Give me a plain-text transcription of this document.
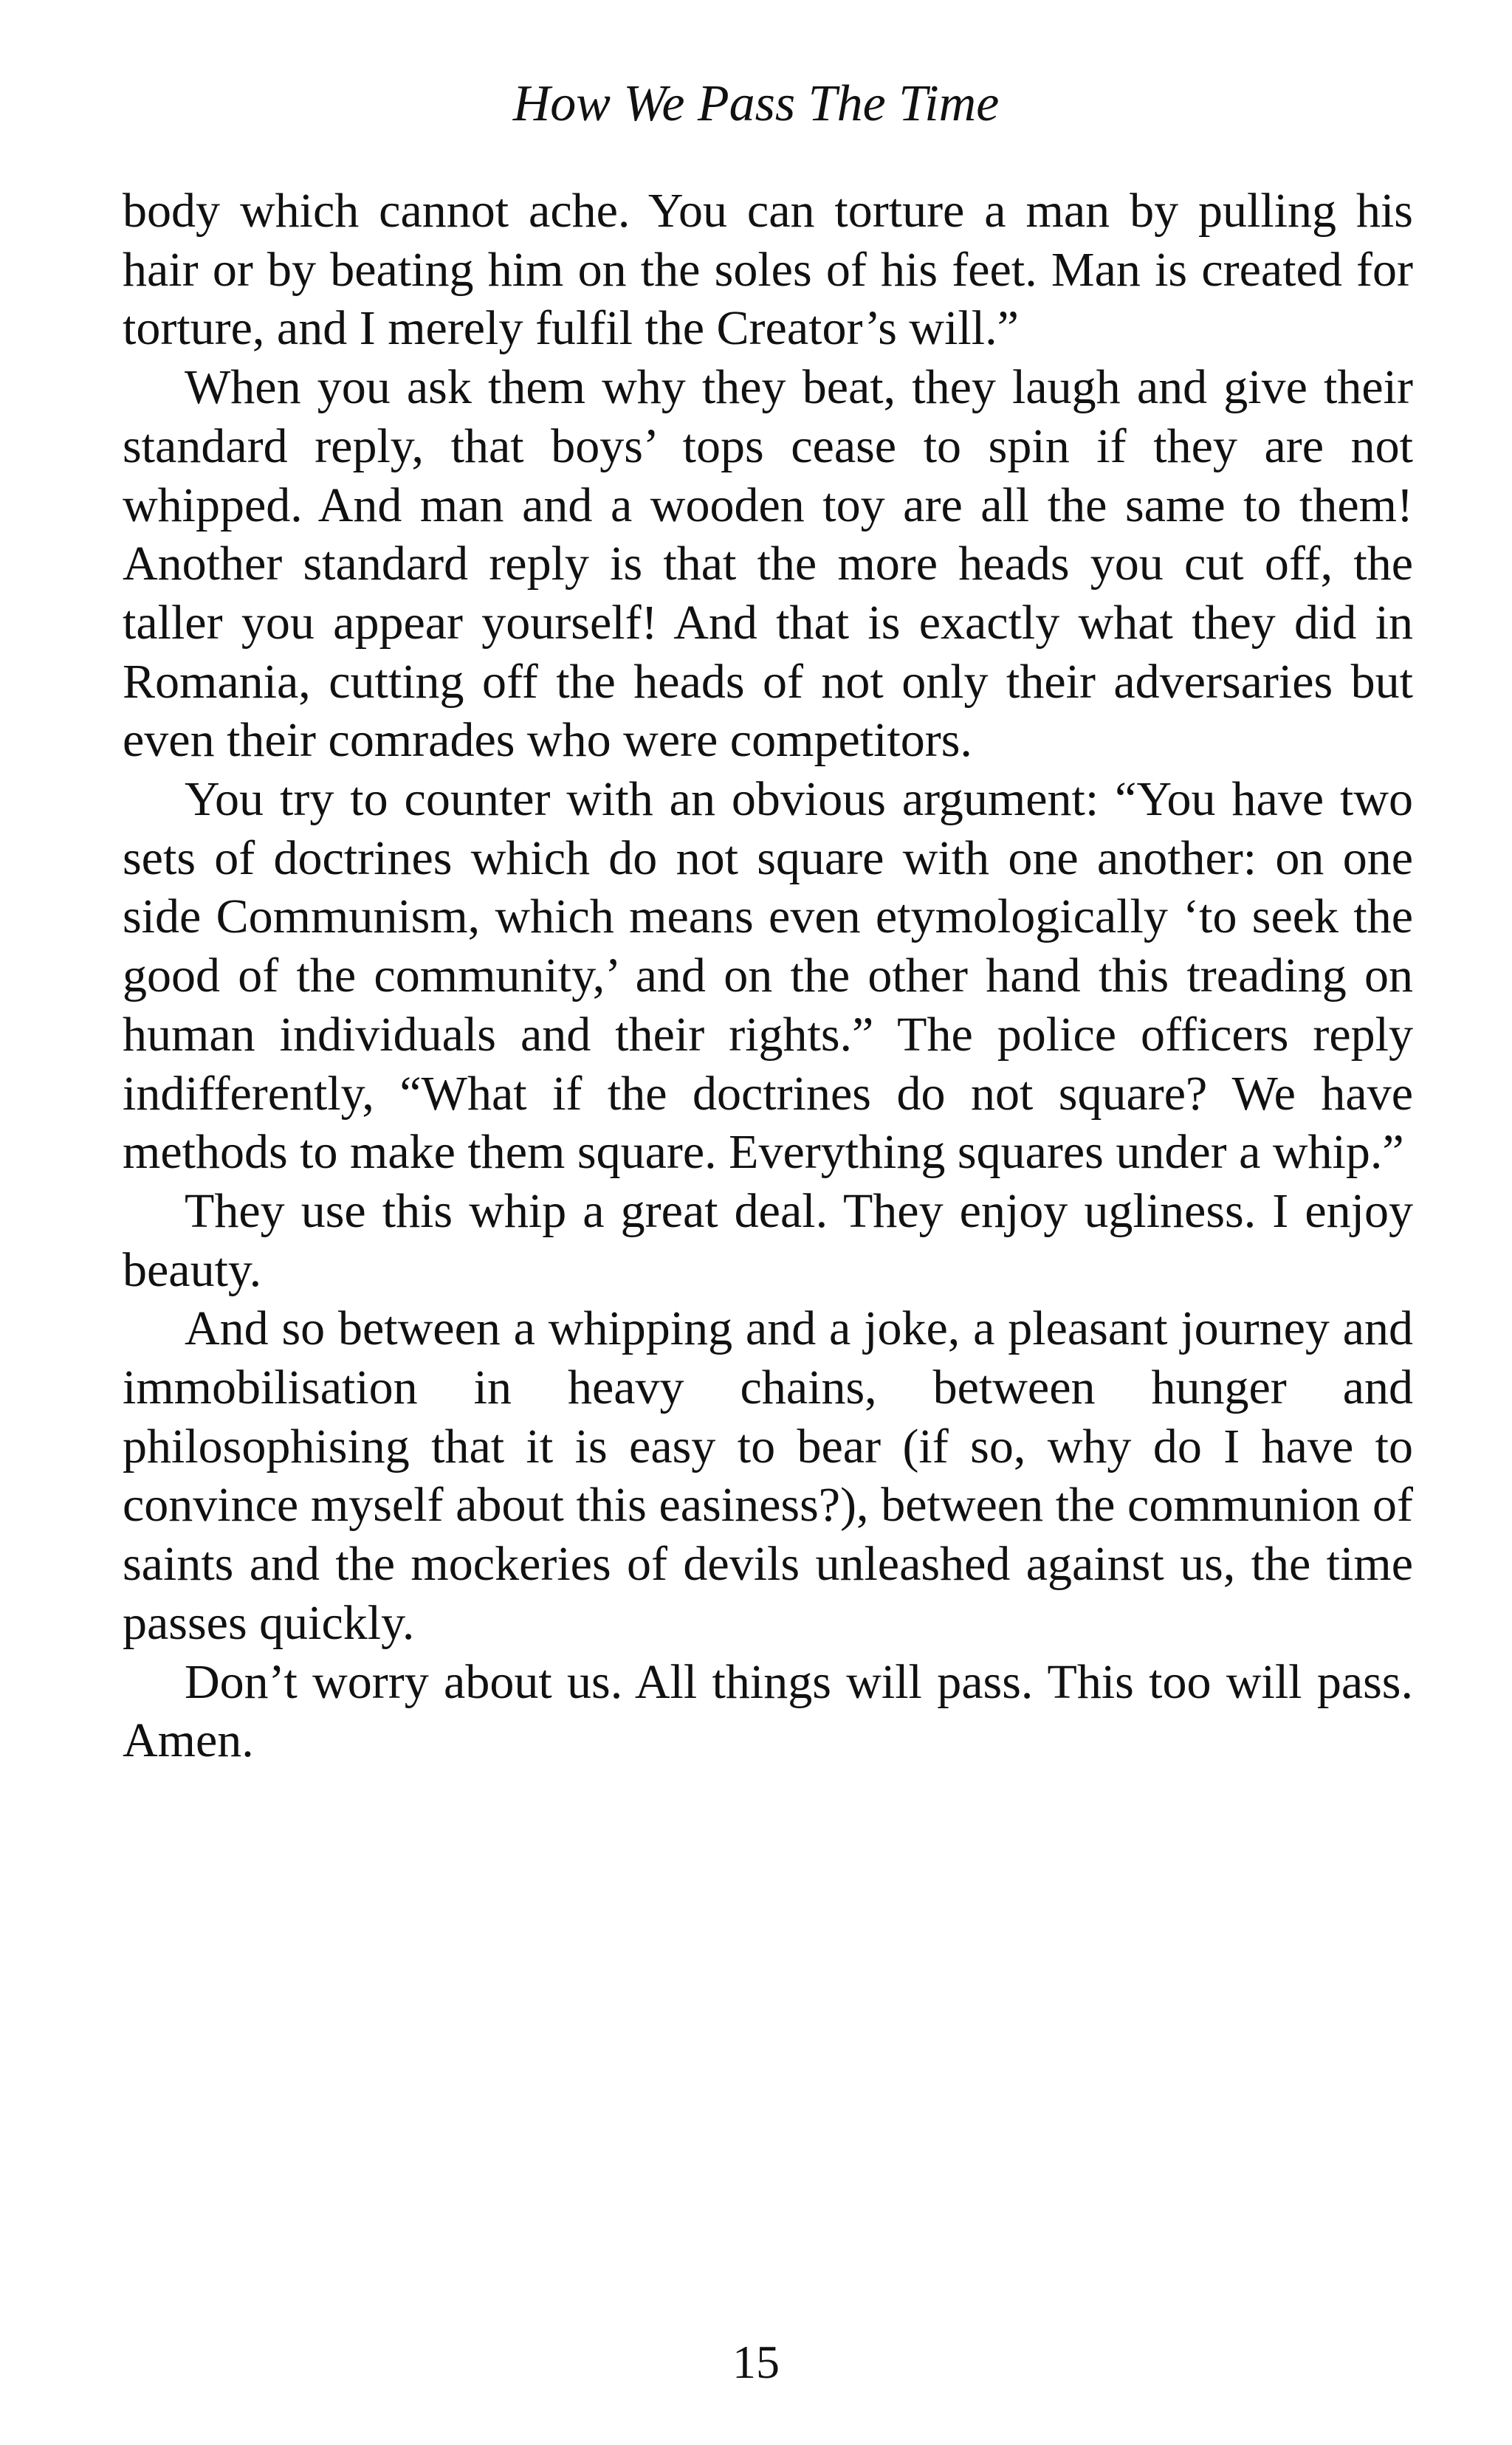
How We Pass The Time

body which cannot ache. You can torture a man by pulling his hair or by beating him on the soles of his feet. Man is created for torture, and I merely fulfil the Creator’s will.”

When you ask them why they beat, they laugh and give their standard reply, that boys’ tops cease to spin if they are not whipped. And man and a wooden toy are all the same to them! Another standard reply is that the more heads you cut off, the taller you appear yourself! And that is exactly what they did in Romania, cutting off the heads of not only their adversaries but even their comrades who were competitors.

You try to counter with an obvious argument: “You have two sets of doctrines which do not square with one another: on one side Communism, which means even etymologically ‘to seek the good of the community,’ and on the other hand this treading on human individuals and their rights.” The police officers reply indifferently, “What if the doctrines do not square? We have methods to make them square. Everything squares under a whip.”

They use this whip a great deal. They enjoy ugliness. I enjoy beauty.

And so between a whipping and a joke, a pleasant journey and immobilisation in heavy chains, between hunger and philosophising that it is easy to bear (if so, why do I have to convince myself about this easiness?), between the communion of saints and the mockeries of devils unleashed against us, the time passes quickly.

Don’t worry about us. All things will pass. This too will pass. Amen.

15
